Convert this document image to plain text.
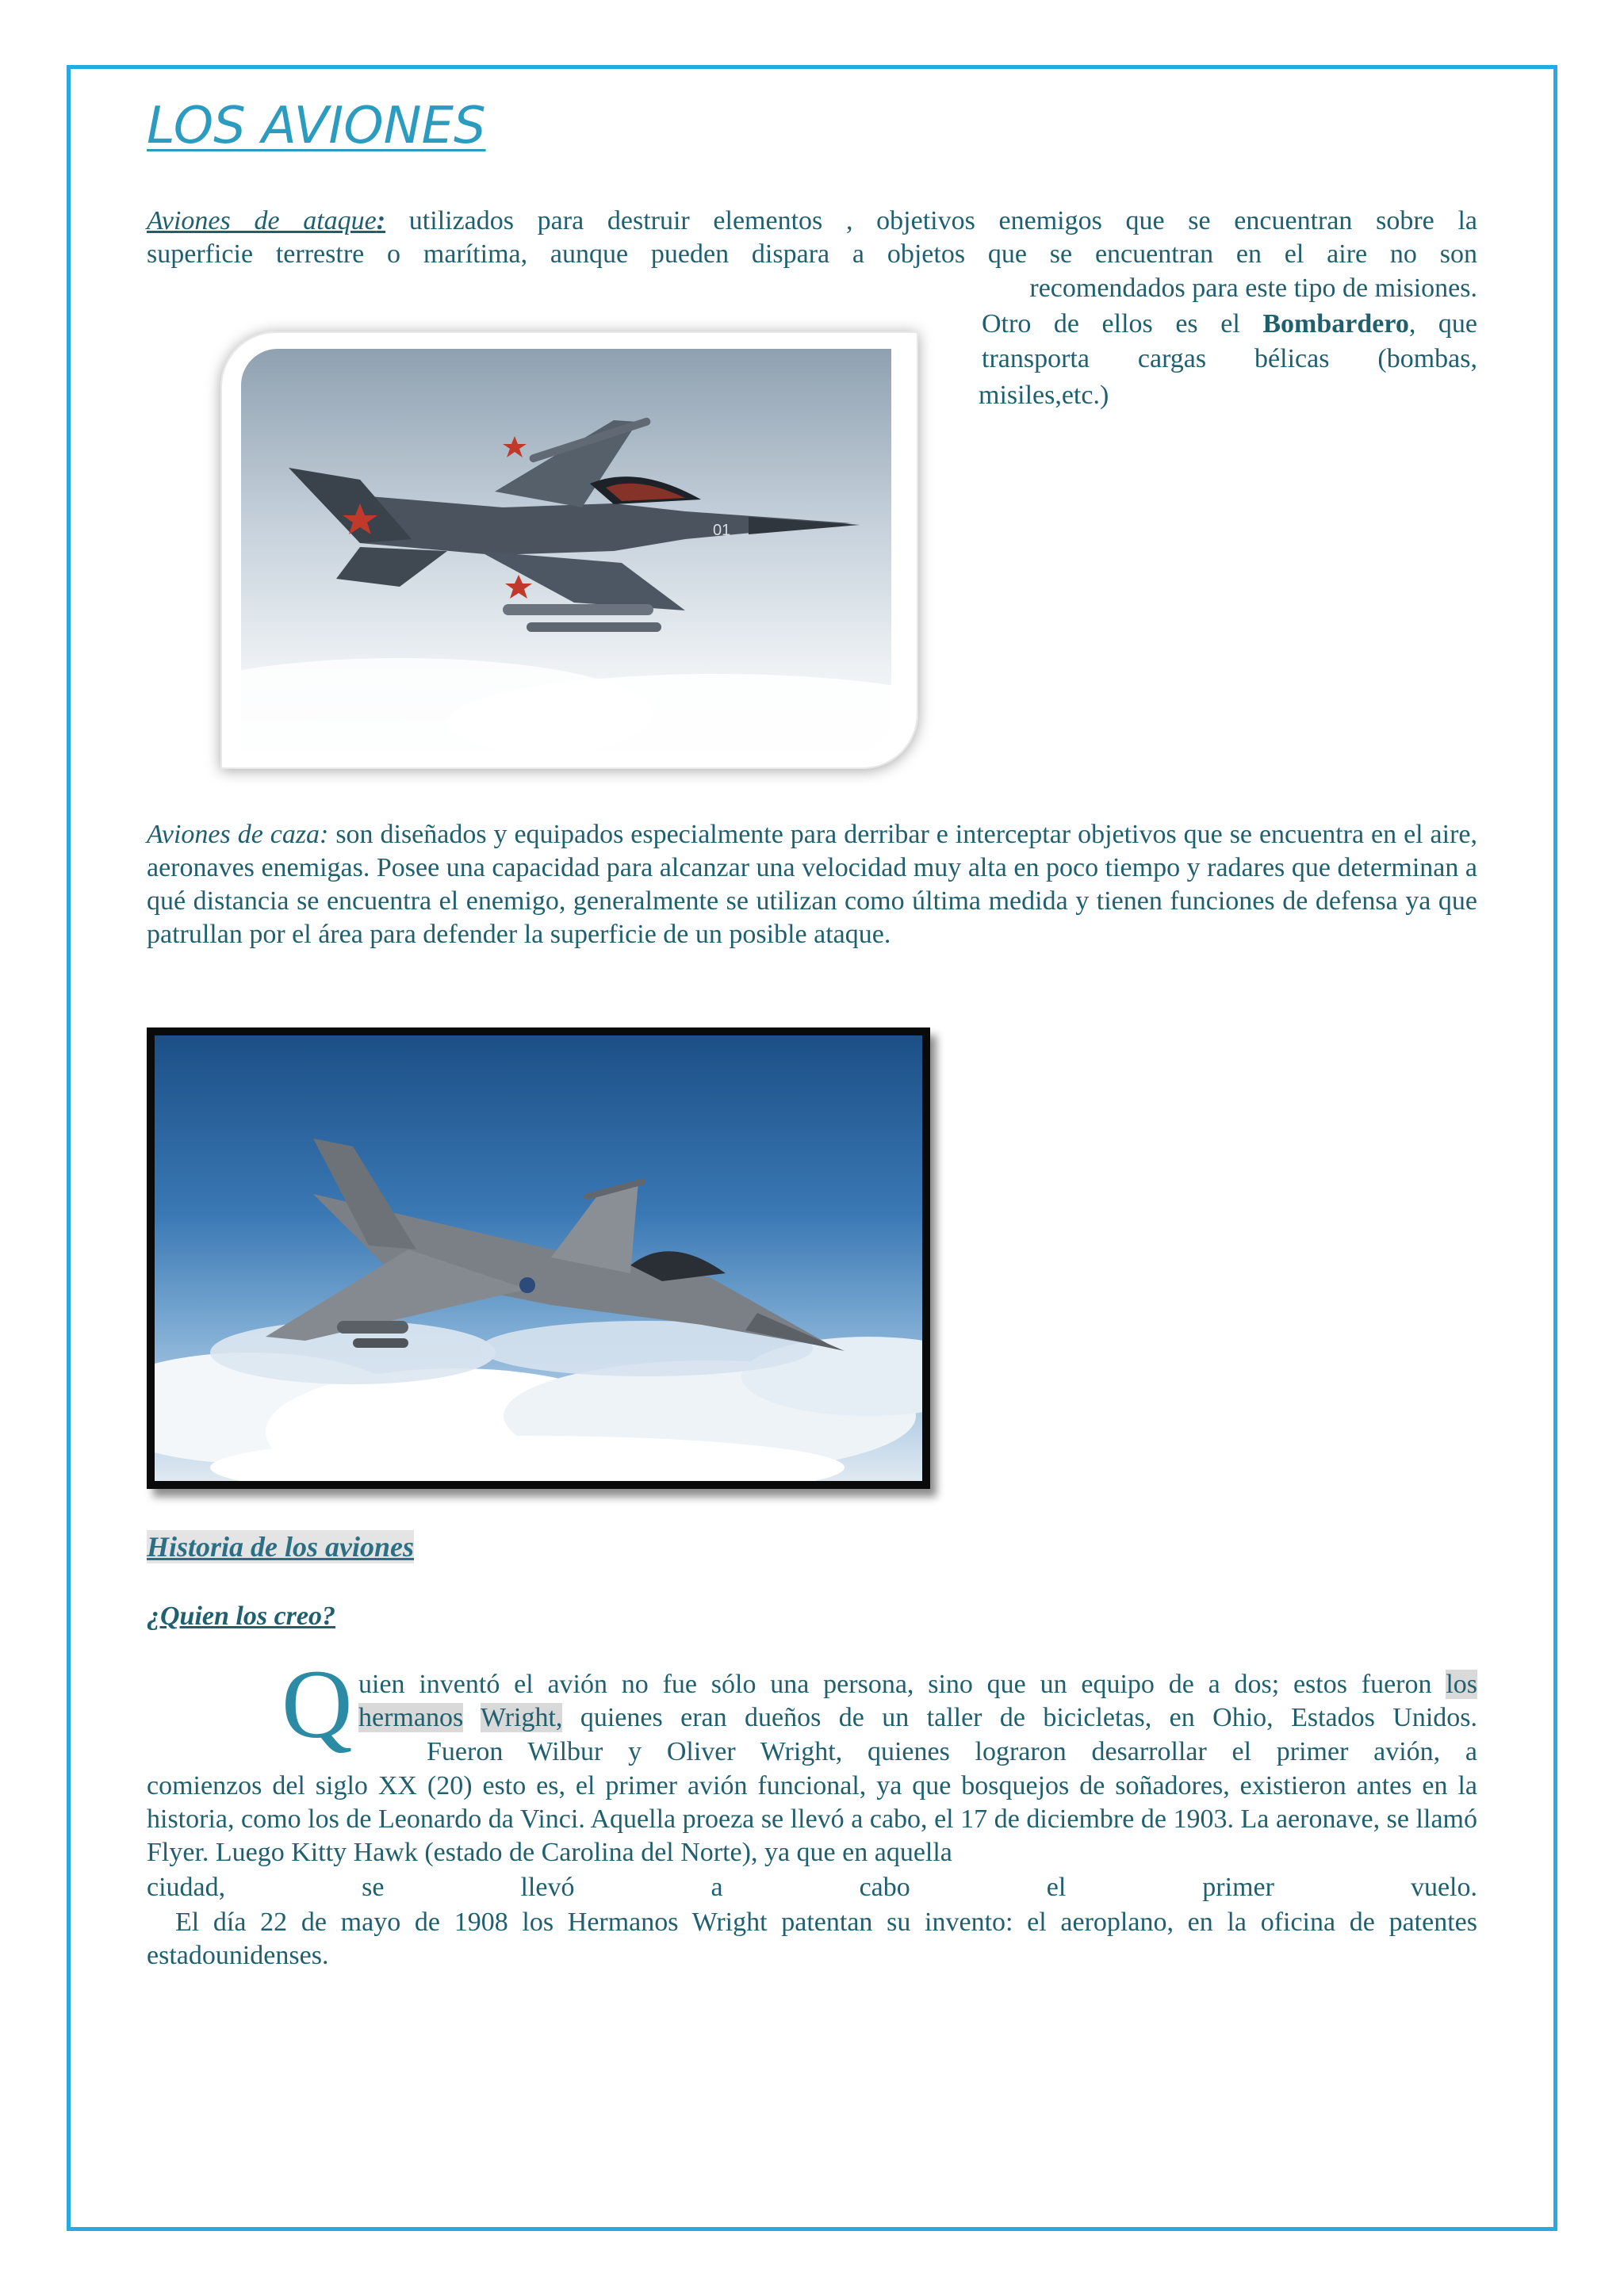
LOS AVIONES

Aviones de ataque: utilizados para destruir elementos , objetivos enemigos que se encuentran sobre la

superficie terrestre o marítima, aunque pueden dispara a objetos que se encuentran en el aire no son

recomendados para este tipo de misiones.

Otro de ellos es el Bombardero, que

transporta cargas bélicas (bombas,

misiles,etc.)

01

Aviones de caza: son diseñados y equipados especialmente para derribar e interceptar objetivos que se encuentra en el aire, aeronaves enemigas. Posee una capacidad para alcanzar una velocidad muy alta en poco tiempo y radares que determinan a qué distancia se encuentra el enemigo, generalmente se utilizan como última medida y tienen funciones de defensa ya que patrullan por el área para defender la superficie de un posible ataque.

Historia de los aviones
¿Quien los creo?
Q uien inventó el avión no fue sólo una persona, sino que un equipo de a dos; estos fueron los

hermanos Wright, quienes eran dueños de un taller de bicicletas, en Ohio, Estados Unidos.

Fueron Wilbur y Oliver Wright, quienes lograron desarrollar el primer avión, a

comienzos del siglo XX (20) esto es, el primer avión funcional, ya que bosquejos de soñadores, existieron antes en la historia, como los de Leonardo da Vinci. Aquella proeza se llevó a cabo, el 17 de diciembre de 1903. La aeronave, se llamó Flyer. Luego Kitty Hawk (estado de Carolina del Norte), ya que en aquella

ciudad, se llevó a cabo el primer vuelo.

El día 22 de mayo de 1908 los Hermanos Wright patentan su invento: el aeroplano, en la oficina de patentes estadounidenses.
